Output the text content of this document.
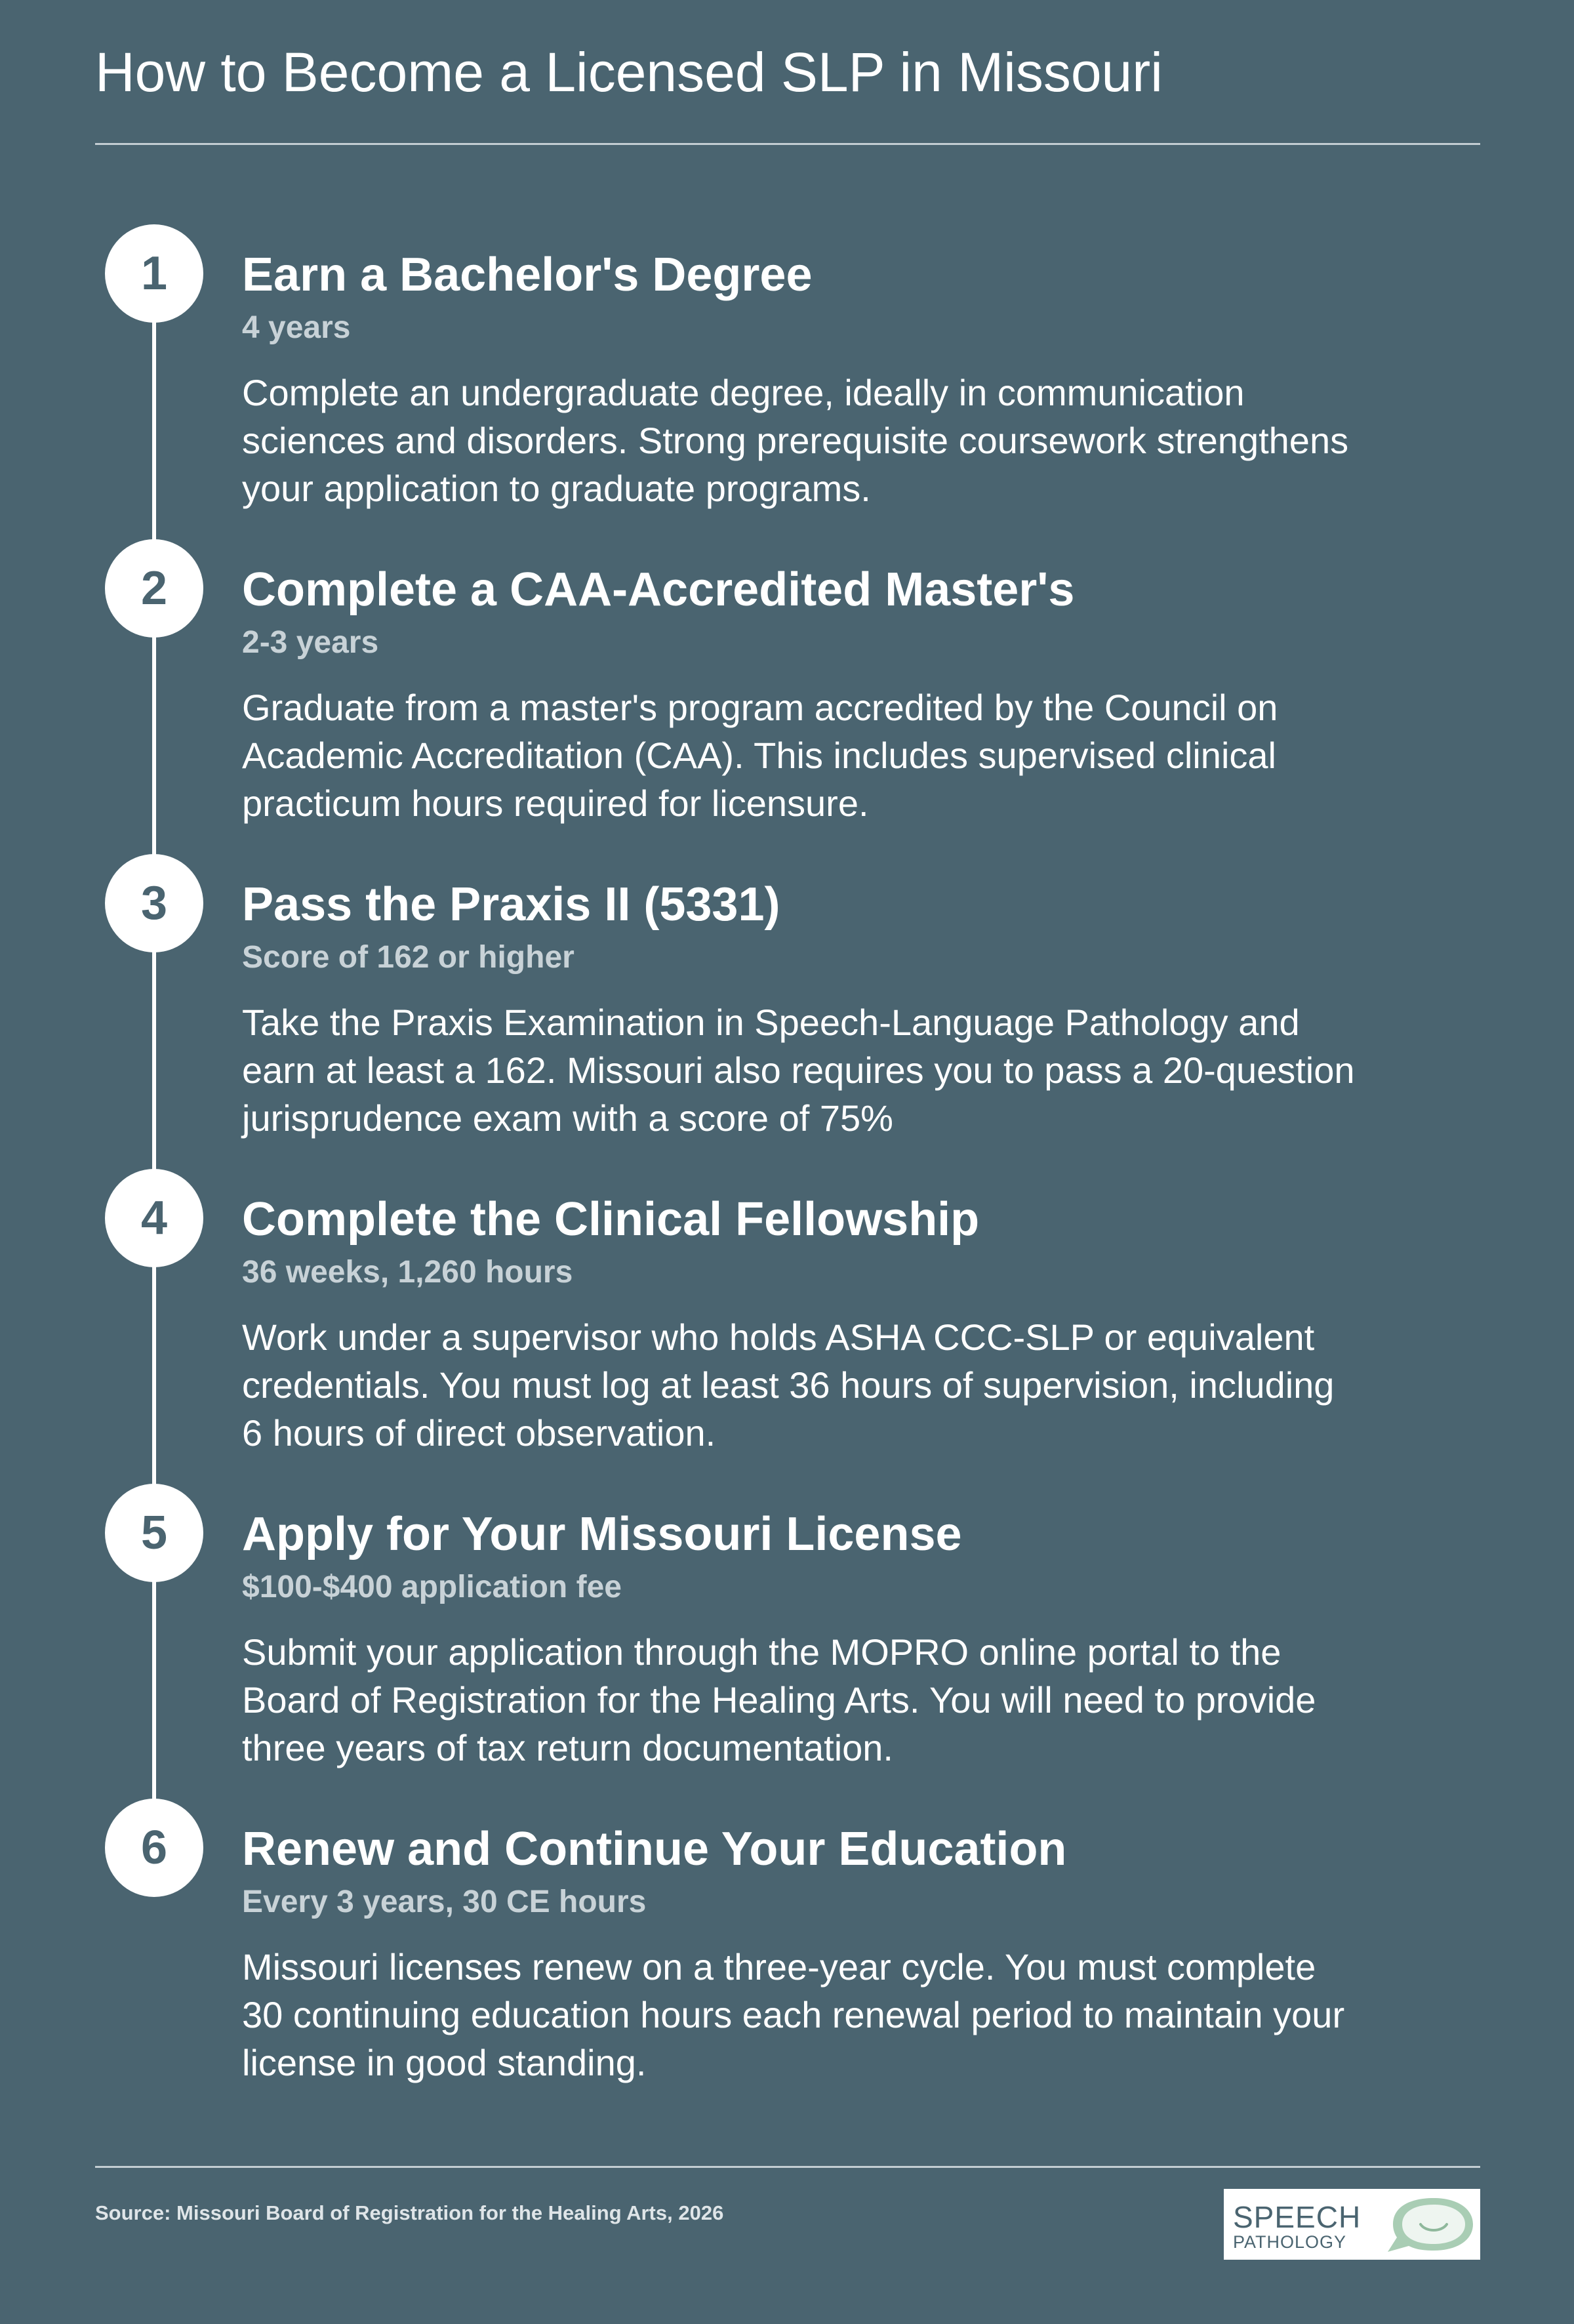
How to Become a Licensed SLP in Missouri
1	Earn a Bachelor's Degree
4 years

Complete an undergraduate degree, ideally in communication sciences and disorders. Strong prerequisite coursework strengthens your application to graduate programs.

2	Complete a CAA-Accredited Master's
2-3 years

Graduate from a master's program accredited by the Council on Academic Accreditation (CAA). This includes supervised clinical practicum hours required for licensure.

3	Pass the Praxis II (5331)
Score of 162 or higher

Take the Praxis Examination in Speech-Language Pathology and earn at least a 162. Missouri also requires you to pass a 20-question jurisprudence exam with a score of 75%

4	Complete the Clinical Fellowship
36 weeks, 1,260 hours

Work under a supervisor who holds ASHA CCC-SLP or equivalent credentials. You must log at least 36 hours of supervision, including 6 hours of direct observation.

5	Apply for Your Missouri License
$100-$400 application fee

Submit your application through the MOPRO online portal to the Board of Registration for the Healing Arts. You will need to provide three years of tax return documentation.

6	Renew and Continue Your Education
Every 3 years, 30 CE hours

Missouri licenses renew on a three-year cycle. You must complete 30 continuing education hours each renewal period to maintain your license in good standing.

Source: Missouri Board of Registration for the Healing Arts, 2026	SPEECH
PATHOLOGY
